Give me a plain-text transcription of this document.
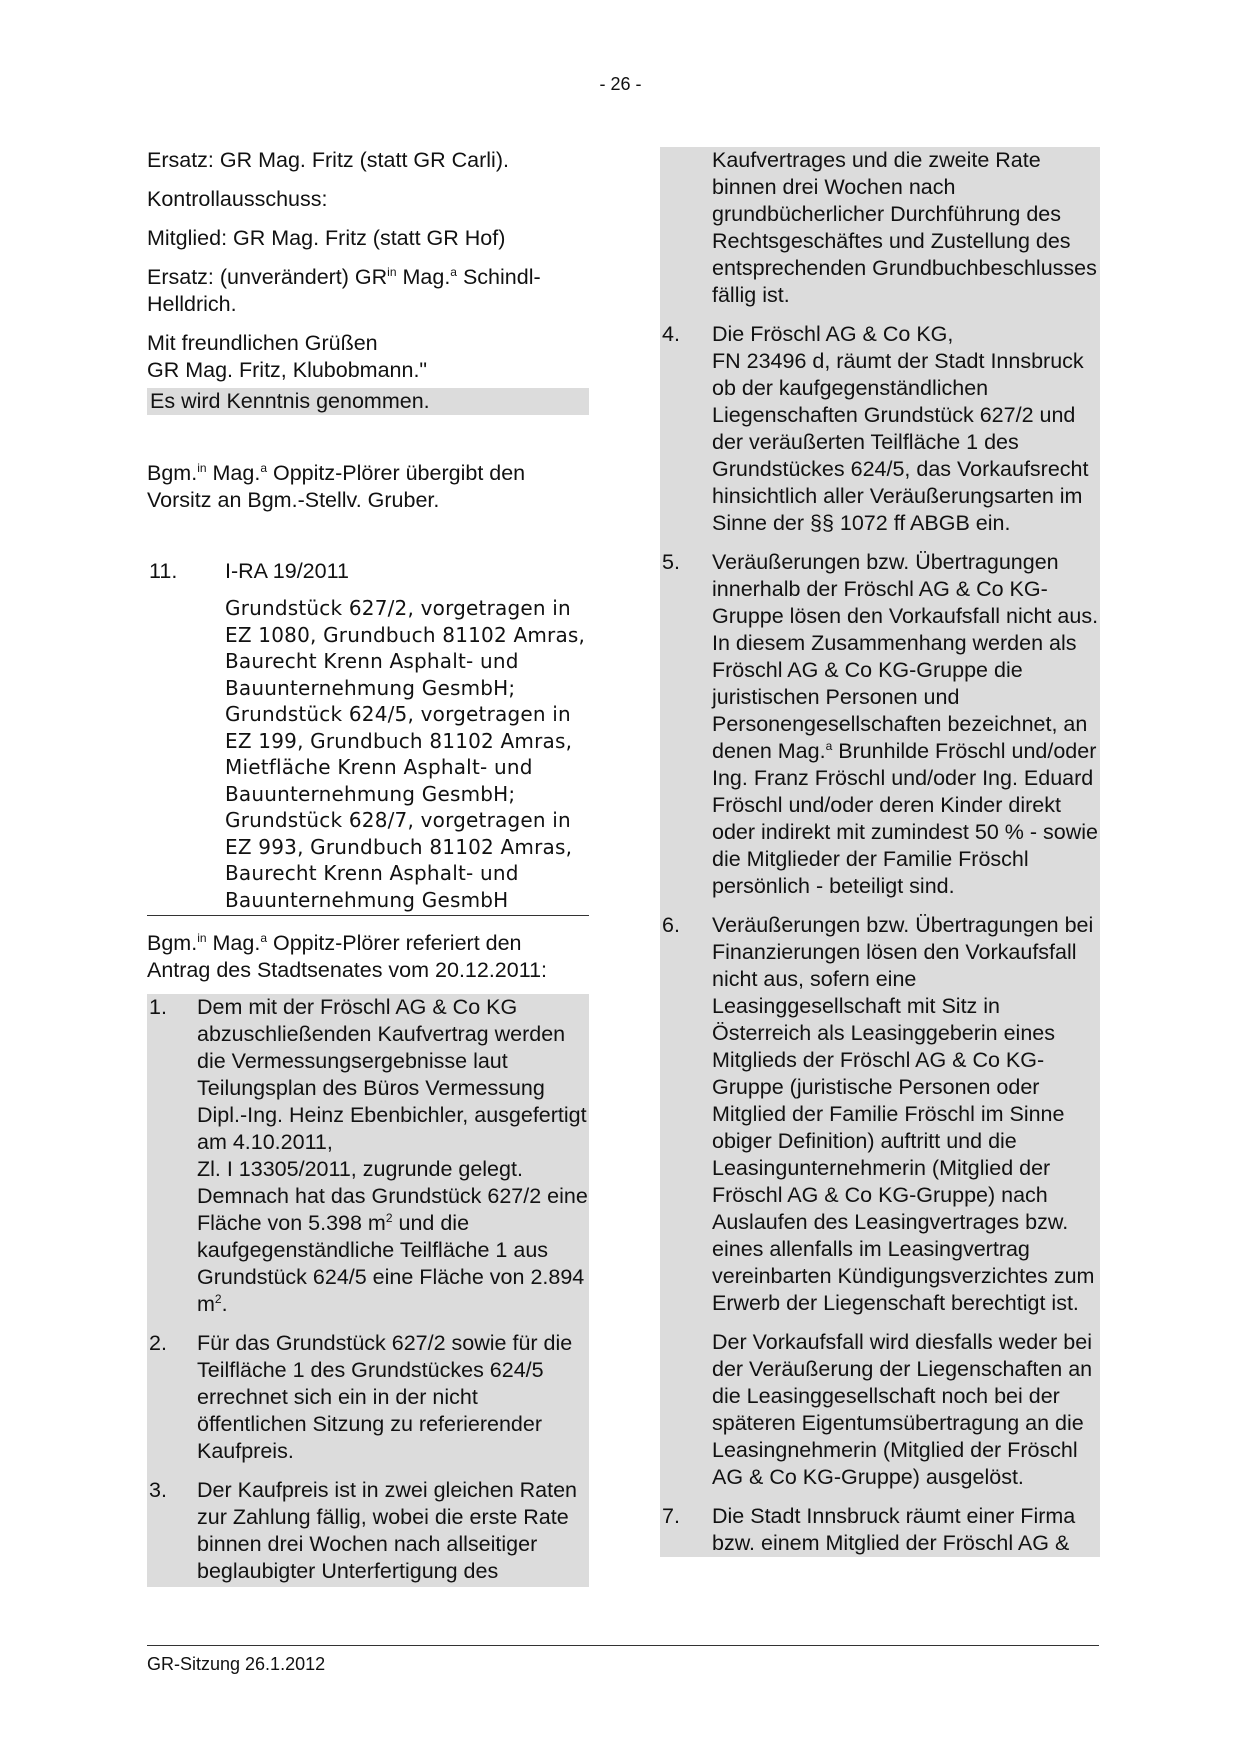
- 26 -

Ersatz: GR Mag. Fritz (statt GR Carli).

Kontrollausschuss:

Mitglied: GR Mag. Fritz (statt GR Hof)

Ersatz: (unverändert) $GR^{in}$ Mag.$^a$ Schindl-Helldrich.

Mit freundlichen Grüßen
GR Mag. Fritz, Klubobmann."

Es wird Kenntnis genommen.

Bgm.$^{in}$ Mag.$^a$ Oppitz-Plörer übergibt den Vorsitz an Bgm.-Stellv. Gruber.

11.	I-RA 19/2011
Grundstück 627/2, vorgetragen in EZ 1080, Grundbuch 81102 Amras, Baurecht Krenn Asphalt- und Bauunternehmung GesmbH; Grundstück 624/5, vorgetragen in EZ 199, Grundbuch 81102 Amras, Mietfläche Krenn Asphalt- und Bauunternehmung GesmbH; Grundstück 628/7, vorgetragen in EZ 993, Grundbuch 81102 Amras, Baurecht Krenn Asphalt- und Bauunternehmung GesmbH

Bgm.$^{in}$ Mag.$^a$ Oppitz-Plörer referiert den Antrag des Stadtsenates vom 20.12.2011:

1.	Dem mit der Fröschl AG & Co KG abzuschließenden Kaufvertrag werden die Vermessungsergebnisse laut Teilungsplan des Büros Vermessung Dipl.-Ing. Heinz Ebenbichler, ausgefertigt am 4.10.2011,
Zl. I 13305/2011, zugrunde gelegt. Demnach hat das Grundstück 627/2 eine Fläche von 5.398 $m^2$ und die kaufgegenständliche Teilfläche 1 aus Grundstück 624/5 eine Fläche von 2.894 $m^2$.
2.	Für das Grundstück 627/2 sowie für die Teilfläche 1 des Grundstückes 624/5 errechnet sich ein in der nicht öffentlichen Sitzung zu referierender Kaufpreis.
3.	Der Kaufpreis ist in zwei gleichen Raten zur Zahlung fällig, wobei die erste Rate binnen drei Wochen nach allseitiger beglaubigter Unterfertigung des
Kaufvertrages und die zweite Rate binnen drei Wochen nach grundbücherlicher Durchführung des Rechtsgeschäftes und Zustellung des entsprechenden Grundbuchbeschlusses fällig ist.
4.	Die Fröschl AG & Co KG,
FN 23496 d, räumt der Stadt Innsbruck ob der kaufgegenständlichen Liegenschaften Grundstück 627/2 und der veräußerten Teilfläche 1 des Grundstückes 624/5, das Vorkaufsrecht hinsichtlich aller Veräußerungsarten im Sinne der §§ 1072 ff ABGB ein.
5.	Veräußerungen bzw. Übertragungen innerhalb der Fröschl AG & Co KG-Gruppe lösen den Vorkaufsfall nicht aus. In diesem Zusammenhang werden als Fröschl AG & Co KG-Gruppe die juristischen Personen und Personengesellschaften bezeichnet, an denen Mag.$^a$ Brunhilde Fröschl und/oder Ing. Franz Fröschl und/oder Ing. Eduard Fröschl und/oder deren Kinder direkt oder indirekt mit zumindest 50 % - sowie die Mitglieder der Familie Fröschl persönlich - beteiligt sind.
6.	Veräußerungen bzw. Übertragungen bei Finanzierungen lösen den Vorkaufsfall nicht aus, sofern eine Leasinggesellschaft mit Sitz in Österreich als Leasinggeberin eines Mitglieds der Fröschl AG & Co KG-Gruppe (juristische Personen oder Mitglied der Familie Fröschl im Sinne obiger Definition) auftritt und die Leasingunternehmerin (Mitglied der Fröschl AG & Co KG-Gruppe) nach Auslaufen des Leasingvertrages bzw. eines allenfalls im Leasingvertrag vereinbarten Kündigungsverzichtes zum Erwerb der Liegenschaft berechtigt ist.

Der Vorkaufsfall wird diesfalls weder bei der Veräußerung der Liegenschaften an die Leasinggesellschaft noch bei der späteren Eigentumsübertragung an die Leasingnehmerin (Mitglied der Fröschl AG & Co KG-Gruppe) ausgelöst.

7.	Die Stadt Innsbruck räumt einer Firma bzw. einem Mitglied der Fröschl AG &
GR-Sitzung 26.1.2012
